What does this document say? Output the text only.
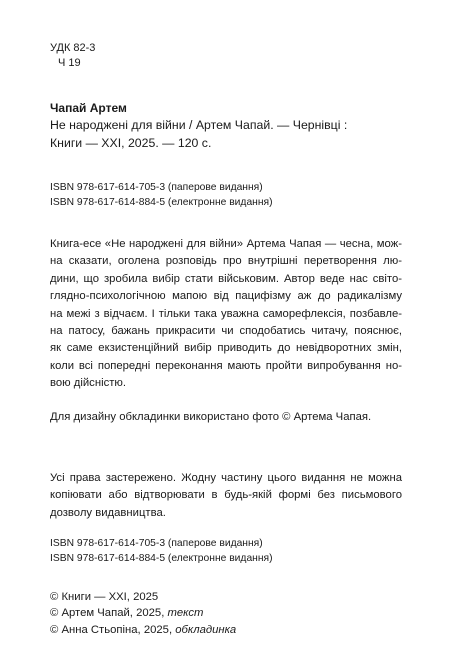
УДК 82-3
Ч 19
Чапай Артем
Не народжені для війни / Артем Чапай. — Чернівці :
Книги — XXI, 2025. — 120 с.
ISBN 978-617-614-705-3 (паперове видання)
ISBN 978-617-614-884-5 (електронне видання)
Книга-есе «Не народжені для війни» Артема Чапая — чесна, мож-
на сказати, оголена розповідь про внутрішні перетворення лю-
дини, що зробила вибір стати військовим. Автор веде нас світо-
глядно-психологічною мапою від пацифізму аж до радикалізму
на межі з відчаєм. І тільки така уважна саморефлексія, позбавле-
на патосу, бажань прикрасити чи сподобатись читачу, пояснює,
як саме екзистенційний вибір приводить до невідворотних змін,
коли всі попередні переконання мають пройти випробування но-
вою дійсністю.
Для дизайну обкладинки використано фото © Артема Чапая.
Усі права застережено. Жодну частину цього видання не можна
копіювати або відтворювати в будь-якій формі без письмового
дозволу видавництва.
ISBN 978-617-614-705-3 (паперове видання)
ISBN 978-617-614-884-5 (електронне видання)
© Книги — XXI, 2025
© Артем Чапай, 2025, текст
© Анна Стьопіна, 2025, обкладинка
